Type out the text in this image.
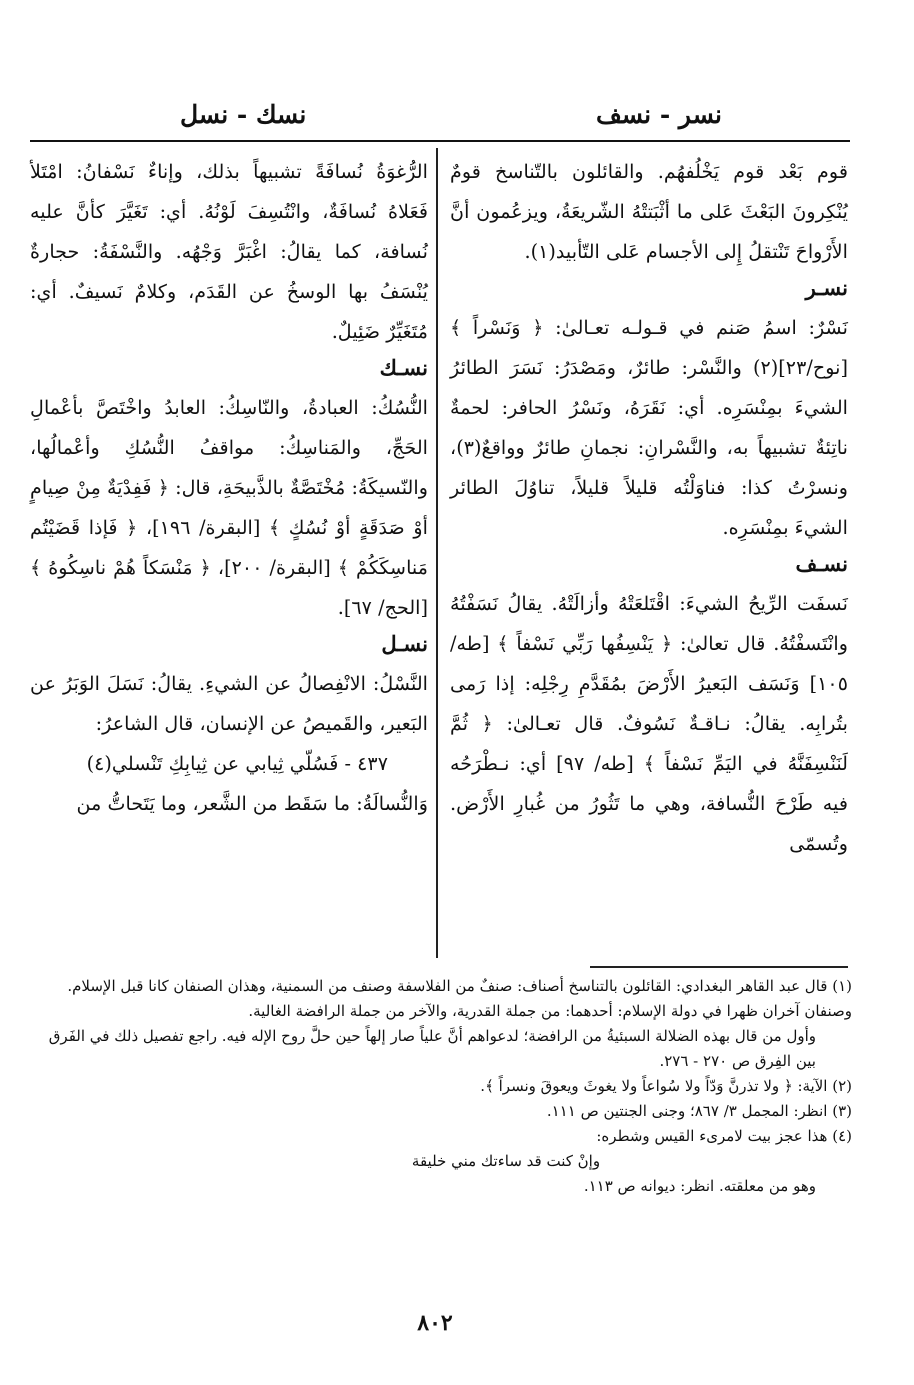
نسر - نسف
نسك - نسل

قوم بَعْد قوم يَخْلُفهُم. والقائلون بالتّناسخ قومٌ يُنْكِرونَ البَعْثَ عَلى ما أثْبَتتْهُ الشّريعَةُ، ويزعُمون أنَّ الأَرْواحَ تَنْتقلُ إِلى الأجسام عَلى التّأبيد(١).

نسـر

نَسْرٌ: اسمُ صَنم في قـولـه تعـالىٰ: ﴿ وَنَسْراً ﴾ [نوح/٢٣](٢) والنَّسْر: طائرٌ، ومَصْدَرُ: نَسَرَ الطائرُ الشيءَ بمِنْسَرِه. أي: نَقَرَهُ، ونَسْرُ الحافر: لحمةٌ ناتِئةٌ تشبيهاً به، والنَّسْرانِ: نجمانِ طائرٌ وواقعٌ(٣)، ونسرْتُ كذا: فناوَلْتُه قليلاً قليلاً، تناوُلَ الطائر الشيءَ بمِنْسَرِه.

نسـف

نَسفَت الرِّيحُ الشيءَ: اقْتَلعَتْهُ وأزالَتْهُ. يقالُ نَسَفْتُهُ وانْتَسفْتُهُ. قال تعالىٰ: ﴿ يَنْسِفُها رَبِّي نَسْفاً ﴾ [طه/ ١٠٥] وَنَسَف البَعيرُ الأَرْضَ بمُقَدَّمِ رِجْلِه: إذا رَمى بتُرابِه. يقالُ: نـاقـةٌ نَسُوفٌ. قال تعـالىٰ: ﴿ ثُمَّ لَنَنْسِفَنَّهُ في اليَمِّ نَسْفاً ﴾ [طه/ ٩٧] أي: نـطْرَحُه فيه طَرْحَ النُّسافة، وهي ما تَثُورُ من غُبارِ الأَرْض. وتُسمّى

الرُّغوَةُ نُسافَةً تشبيهاً بذلك، وإناءٌ نَسْفانُ: امْتَلأ فَعَلاهُ نُسافَةٌ، وانْتُسِفَ لَوْنُهُ. أي: تَغَيَّرَ كأنَّ عليه نُسافة، كما يقالُ: اغْبَرَّ وَجْهُه. والنَّسْفَةُ: حجارةٌ يُنْسَفُ بها الوسخُ عن القَدَم، وكلامٌ نَسيفٌ. أي: مُتَغَيِّرٌ ضَئِيلٌ.

نسـك

النُّسُكُ: العبادةُ، والنّاسِكُ: العابدُ واخْتَصَّ بأعْمالِ الحَجِّ، والمَناسِكُ: مواقفُ النُّسُكِ وأعْمالُها، والنّسيكَةُ: مُخْتَصَّةٌ بالذَّبيحَةِ، قال: ﴿ فَفِدْيَةٌ مِنْ صِيامٍ أوْ صَدَقَةٍ أوْ نُسُكٍ ﴾ [البقرة/ ١٩٦]، ﴿ فَإذا قَضَيْتُم مَناسِكَكُمْ ﴾ [البقرة/ ٢٠٠]، ﴿ مَنْسَكاً هُمْ ناسِكُوهُ ﴾ [الحج/ ٦٧].

نسـل

النَّسْلُ: الانْفِصالُ عن الشيءِ. يقالُ: نَسَلَ الوَبَرُ عن البَعير، والقَميصُ عن الإنسان، قال الشاعرُ:

٤٣٧ - فَسُلّي ثِيابي عن ثِيابِكِ تَنْسلي(٤)

وَالنُّسالَةُ: ما سَقَط من الشَّعر، وما يَتَحاتُّ من

(١) قال عبد القاهر البغدادي: القائلون بالتناسخ أصناف: صنفٌ من الفلاسفة وصنف من السمنية، وهذان الصنفان كانا قبل الإسلام. وصنفان آخران ظهرا في دولة الإسلام: أحدهما: من جملة القدرية، والآخر من جملة الرافضة الغالية.

وأول من قال بهذه الضلالة السبئيةُ من الرافضة؛ لدعواهم أنَّ علياً صار إلهاً حين حلَّ روح الإله فيه. راجع تفصيل ذلك في الفَرق بين الفِرق ص ٢٧٠ - ٢٧٦.

(٢) الآية: ﴿ ولا تذرنَّ وَدّاً ولا سُواعاً ولا يغوثَ ويعوقَ ونسراً ﴾.

(٣) انظر: المجمل ٣/ ٨٦٧؛ وجنى الجنتين ص ١١١.

(٤) هذا عجز بيت لامرىء القيس وشطره:

وإنْ كنت قد ساءتك مني خليقة

وهو من معلقته. انظر: ديوانه ص ١١٣.

٨٠٢
